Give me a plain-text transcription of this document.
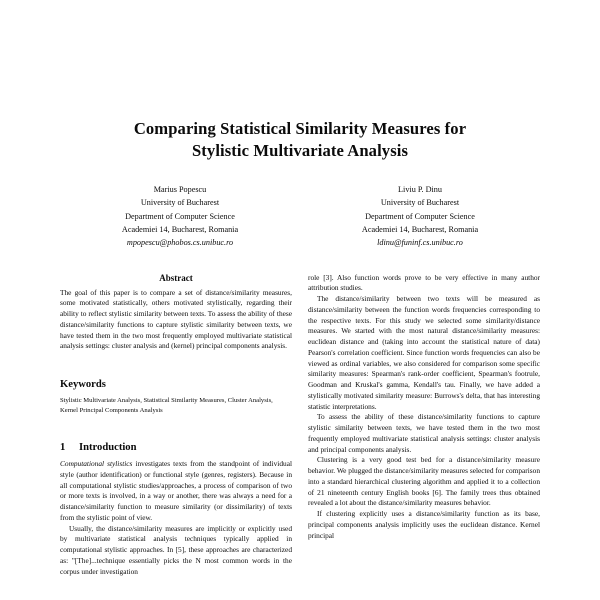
Comparing Statistical Similarity Measures for
Stylistic Multivariate Analysis
Marius Popescu
University of Bucharest
Department of Computer Science
Academiei 14, Bucharest, Romania
mpopescu@phobos.cs.unibuc.ro
Liviu P. Dinu
University of Bucharest
Department of Computer Science
Academiei 14, Bucharest, Romania
ldinu@funinf.cs.unibuc.ro
Abstract

The goal of this paper is to compare a set of distance/similarity measures, some motivated statistically, others motivated stylistically, regarding their ability to reflect stylistic similarity between texts. To assess the ability of these distance/similarity functions to capture stylistic similarity between texts, we have tested them in the two most frequently employed multivariate statistical analysis settings: cluster analysis and (kernel) principal components analysis.

Keywords

Stylistic Multivariate Analysis, Statistical Similarity Measures, Cluster Analysis, Kernel Principal Components Analysis

1 Introduction

Computational stylistics investigates texts from the standpoint of individual style (author identification) or functional style (genres, registers). Because in all computational stylistic studies/approaches, a process of comparison of two or more texts is involved, in a way or another, there was always a need for a distance/similarity function to measure similarity (or dissimilarity) of texts from the stylistic point of view.

Usually, the distance/similarity measures are implicitly or explicitly used by multivariate statistical analysis techniques typically applied in computational stylistic approaches. In [5], these approaches are characterized as: "[The]...technique essentially picks the N most common words in the corpus under investigation

role [3]. Also function words prove to be very effective in many author attribution studies.

The distance/similarity between two texts will be measured as distance/similarity between the function words frequencies corresponding to the respective texts. For this study we selected some similarity/distance measures. We started with the most natural distance/similarity measures: euclidean distance and (taking into account the statistical nature of data) Pearson's correlation coefficient. Since function words frequencies can also be viewed as ordinal variables, we also considered for comparison some specific similarity measures: Spearman's rank-order coefficient, Spearman's footrule, Goodman and Kruskal's gamma, Kendall's tau. Finally, we have added a stylistically motivated similarity measure: Burrows's delta, that has interesting statistic interpretations.

To assess the ability of these distance/similarity functions to capture stylistic similarity between texts, we have tested them in the two most frequently employed multivariate statistical analysis settings: cluster analysis and principal components analysis.

Clustering is a very good test bed for a distance/similarity measure behavior. We plugged the distance/similarity measures selected for comparison into a standard hierarchical clustering algorithm and applied it to a collection of 21 nineteenth century English books [6]. The family trees thus obtained revealed a lot about the distance/similarity measures behavior.

If clustering explicitly uses a distance/similarity function as its base, principal components analysis implicitly uses the euclidean distance. Kernel principal
